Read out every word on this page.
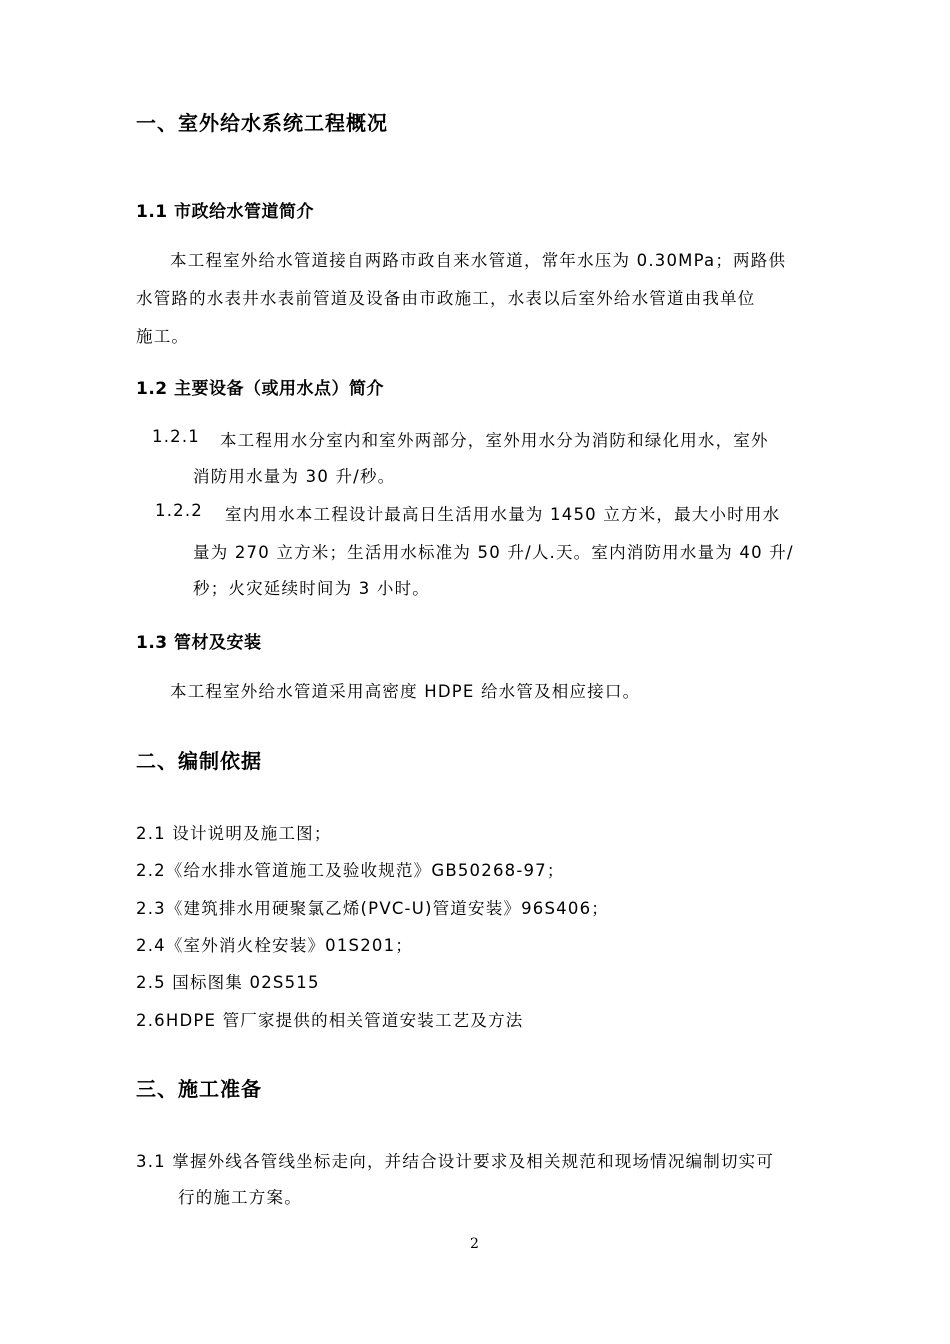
一、室外给水系统工程概况
1.1 市政给水管道简介
本工程室外给水管道接自两路市政自来水管道，常年水压为 0.30MPa；两路供
水管路的水表井水表前管道及设备由市政施工，水表以后室外给水管道由我单位
施工。
1.2 主要设备（或用水点）简介
1.2.1 本工程用水分室内和室外两部分，室外用水分为消防和绿化用水，室外
消防用水量为 30 升/秒。
1.2.2 室内用水本工程设计最高日生活用水量为 1450 立方米，最大小时用水
量为 270 立方米；生活用水标准为 50 升/人.天。室内消防用水量为 40 升/
秒；火灾延续时间为 3 小时。
1.3 管材及安装
本工程室外给水管道采用高密度 HDPE 给水管及相应接口。
二、编制依据
2.1 设计说明及施工图；
2.2《给水排水管道施工及验收规范》GB50268-97；
2.3《建筑排水用硬聚氯乙烯(PVC-U)管道安装》96S406；
2.4《室外消火栓安装》01S201；
2.5 国标图集 02S515
2.6HDPE 管厂家提供的相关管道安装工艺及方法
三、施工准备
3.1 掌握外线各管线坐标走向，并结合设计要求及相关规范和现场情况编制切实可
行的施工方案。
2
